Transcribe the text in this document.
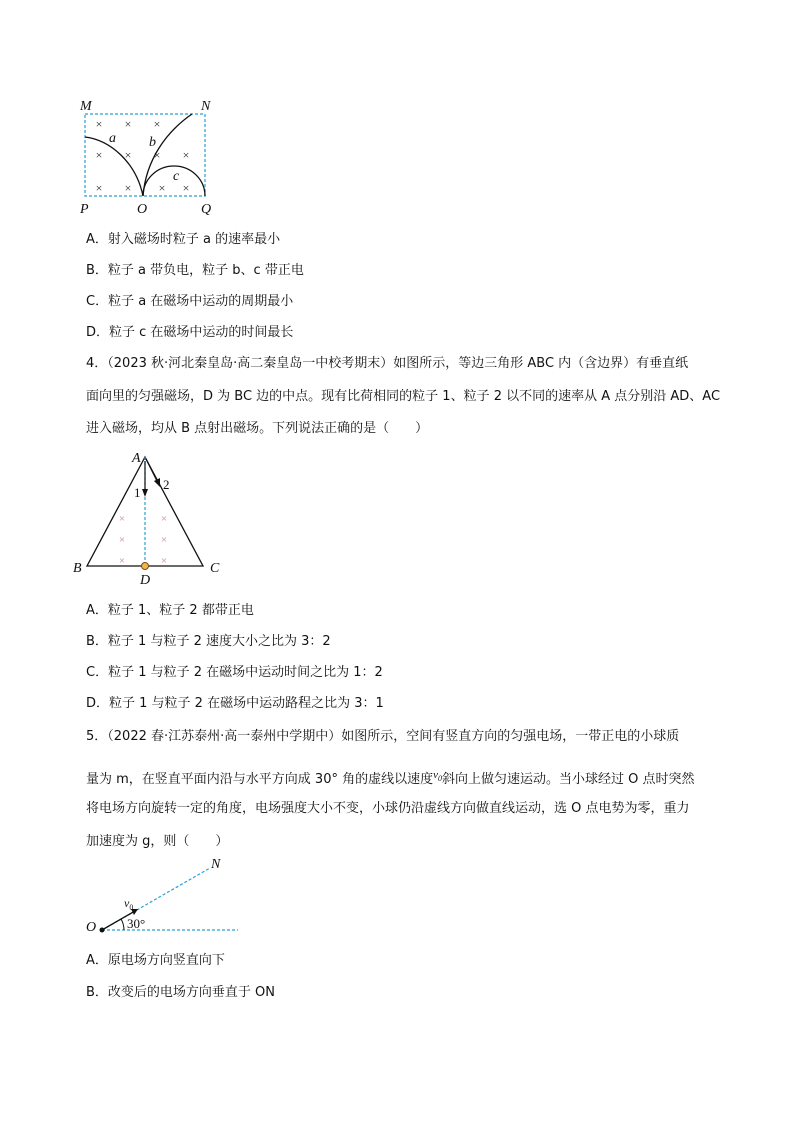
× × ×
× × × ×
× × × ×
M	N
P	O	Q
a b
c
A．射入磁场时粒子 a 的速率最小
B．粒子 a 带负电，粒子 b、c 带正电
C．粒子 a 在磁场中运动的周期最小
D．粒子 c 在磁场中运动的时间最长
4．（2023 秋·河北秦皇岛·高二秦皇岛一中校考期末）如图所示，等边三角形 ABC 内（含边界）有垂直纸
面向里的匀强磁场，D 为 BC 边的中点。现有比荷相同的粒子 1、粒子 2 以不同的速率从 A 点分别沿 AD、AC
进入磁场，均从 B 点射出磁场。下列说法正确的是（　　）
×	×
×	×
×	×
A
B	C
D
1
2
A．粒子 1、粒子 2 都带正电
B．粒子 1 与粒子 2 速度大小之比为 3：2
C．粒子 1 与粒子 2 在磁场中运动时间之比为 1：2
D．粒子 1 与粒子 2 在磁场中运动路程之比为 3：1
5．（2022 春·江苏泰州·高一泰州中学期中）如图所示，空间有竖直方向的匀强电场，一带正电的小球质
量为 m，在竖直平面内沿与水平方向成 30° 角的虚线以速度$^{v_0}$斜向上做匀速运动。当小球经过 O 点时突然
将电场方向旋转一定的角度，电场强度大小不变，小球仍沿虚线方向做直线运动，选 O 点电势为零，重力
加速度为 g，则（　　）
O
N
$v_0$
30°
A．原电场方向竖直向下
B．改变后的电场方向垂直于 ON
